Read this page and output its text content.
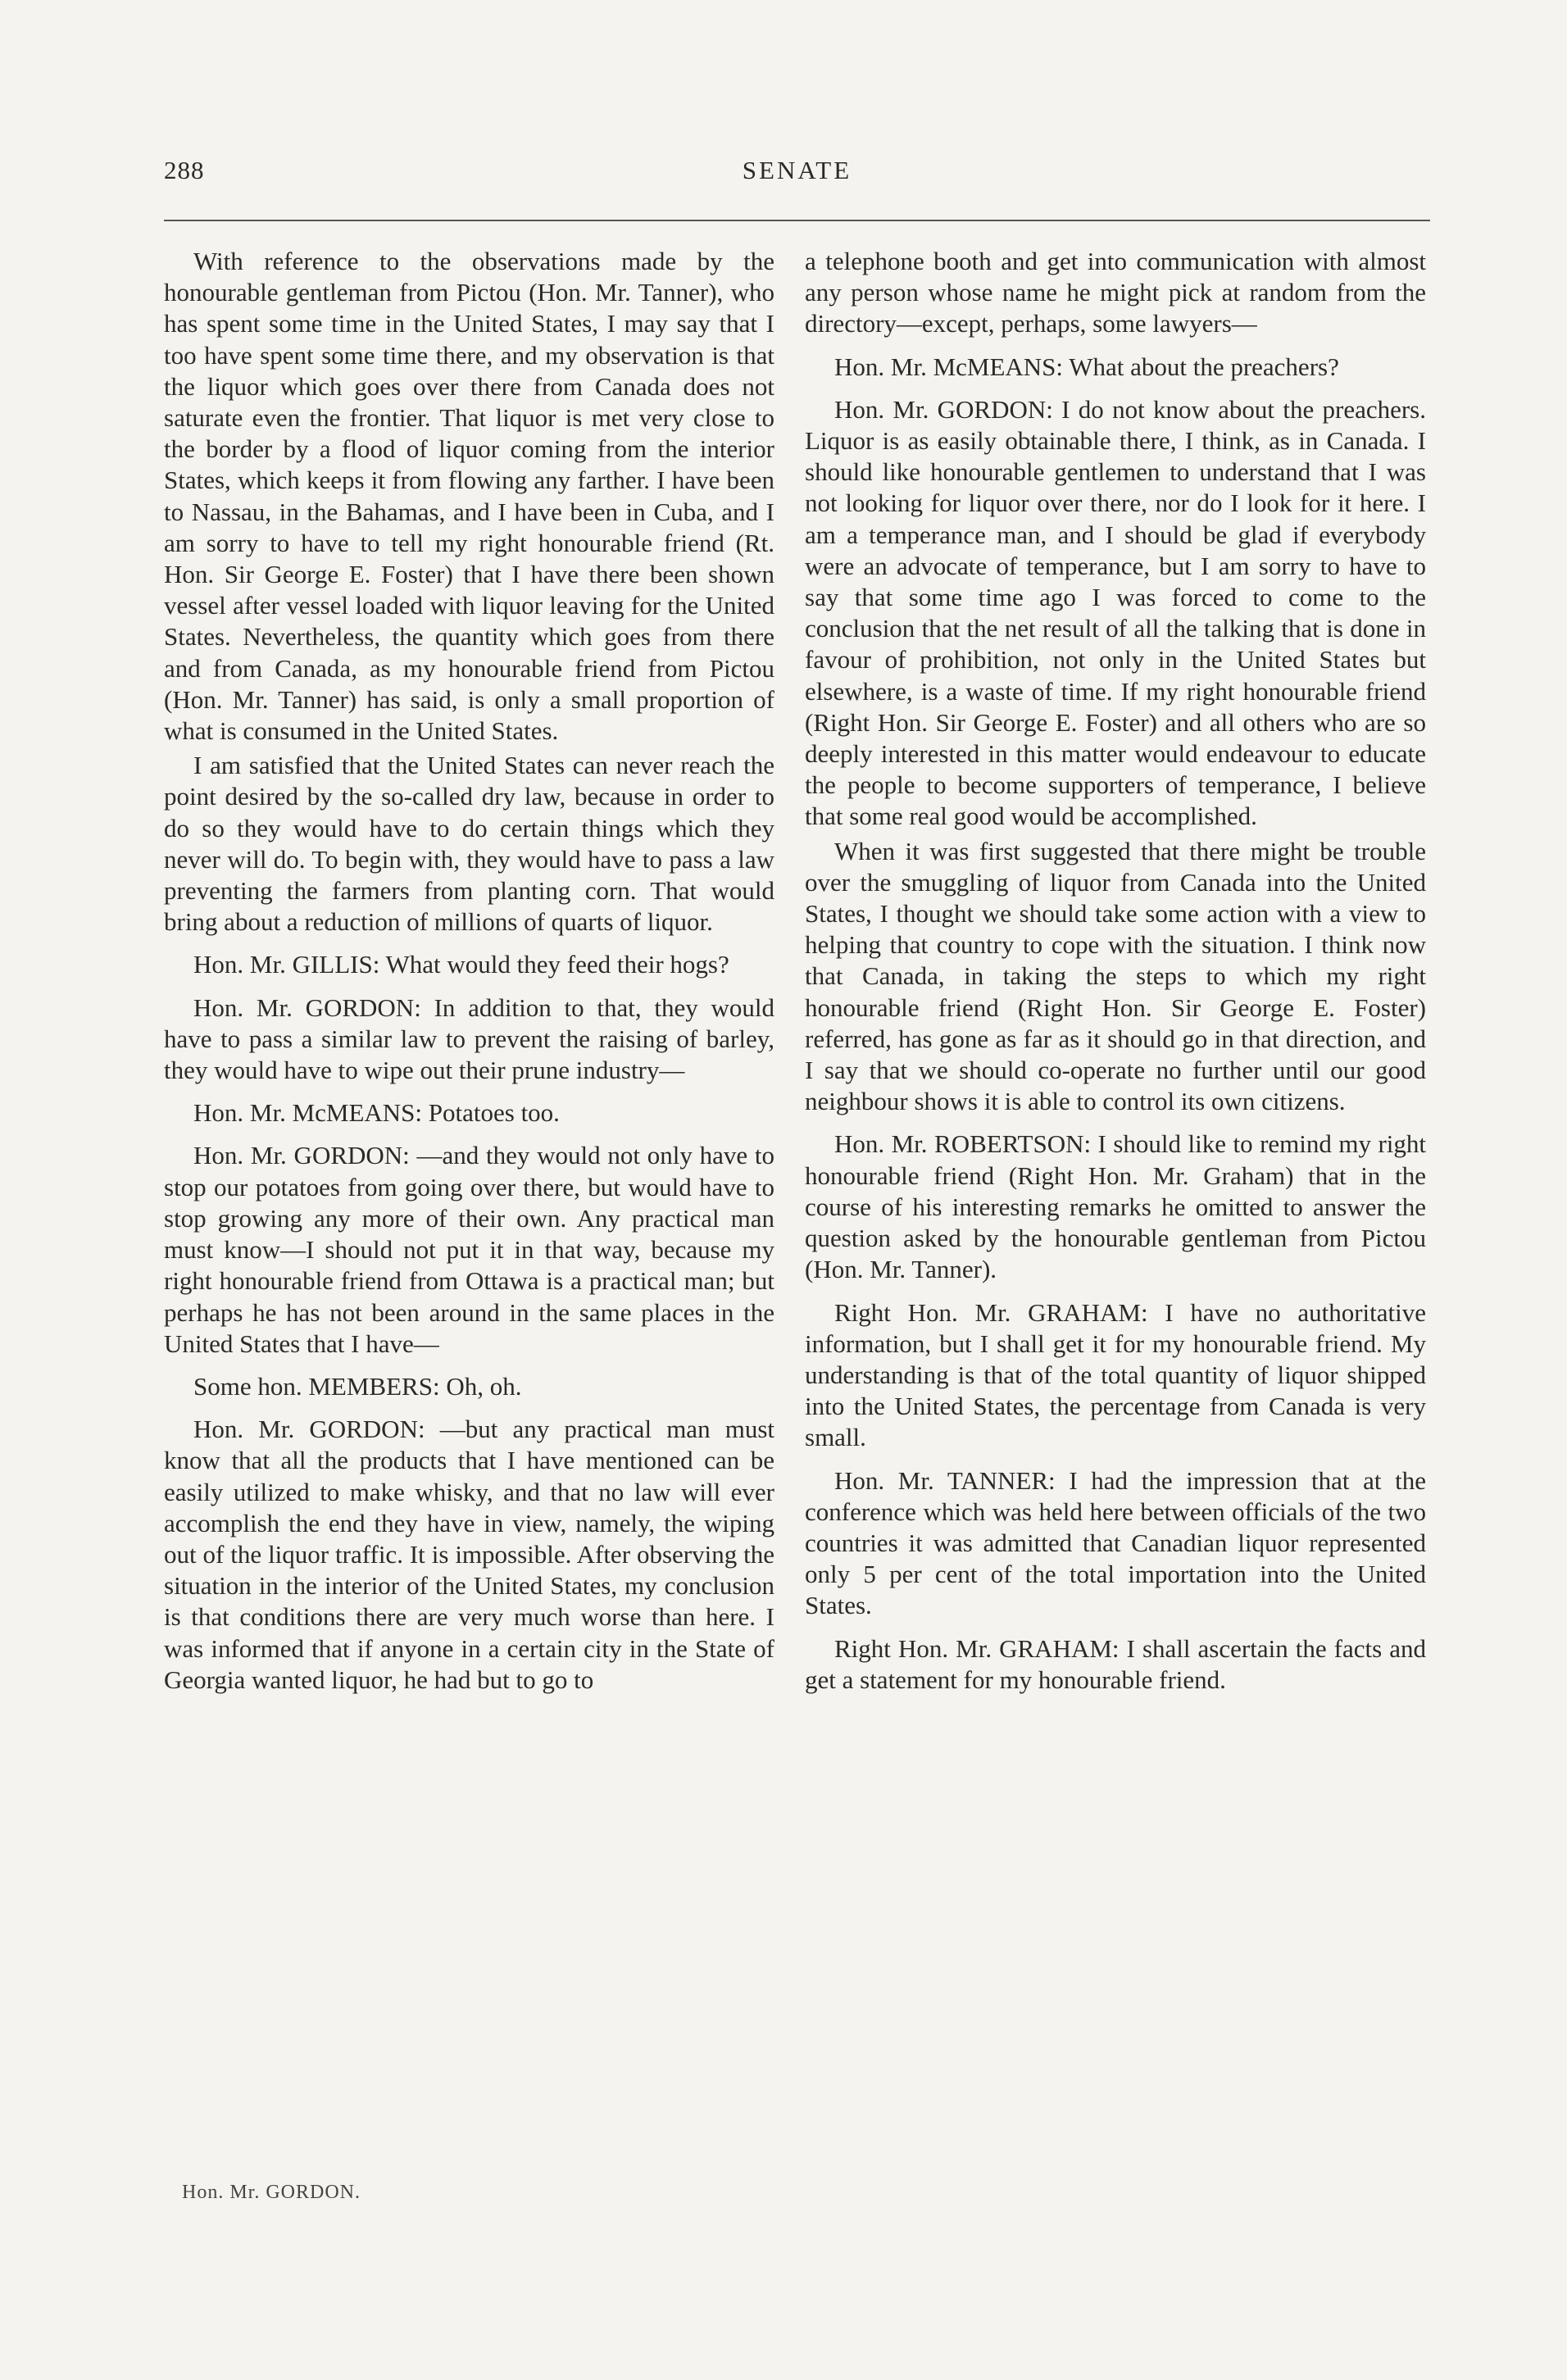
288	SENATE

With reference to the observations made by the honourable gentleman from Pictou (Hon. Mr. Tanner), who has spent some time in the United States, I may say that I too have spent some time there, and my observation is that the liquor which goes over there from Canada does not saturate even the frontier. That liquor is met very close to the border by a flood of liquor coming from the interior States, which keeps it from flowing any farther. I have been to Nassau, in the Bahamas, and I have been in Cuba, and I am sorry to have to tell my right honourable friend (Rt. Hon. Sir George E. Foster) that I have there been shown vessel after vessel loaded with liquor leaving for the United States. Nevertheless, the quantity which goes from there and from Canada, as my honourable friend from Pictou (Hon. Mr. Tanner) has said, is only a small proportion of what is consumed in the United States.

I am satisfied that the United States can never reach the point desired by the so-called dry law, because in order to do so they would have to do certain things which they never will do. To begin with, they would have to pass a law preventing the farmers from planting corn. That would bring about a reduction of millions of quarts of liquor.

Hon. Mr. GILLIS: What would they feed their hogs?

Hon. Mr. GORDON: In addition to that, they would have to pass a similar law to prevent the raising of barley, they would have to wipe out their prune industry—

Hon. Mr. McMEANS: Potatoes too.

Hon. Mr. GORDON: —and they would not only have to stop our potatoes from going over there, but would have to stop growing any more of their own. Any practical man must know—I should not put it in that way, because my right honourable friend from Ottawa is a practical man; but perhaps he has not been around in the same places in the United States that I have—

Some hon. MEMBERS: Oh, oh.

Hon. Mr. GORDON: —but any practical man must know that all the products that I have mentioned can be easily utilized to make whisky, and that no law will ever accomplish the end they have in view, namely, the wiping out of the liquor traffic. It is impossible. After observing the situation in the interior of the United States, my conclusion is that conditions there are very much worse than here. I was informed that if anyone in a certain city in the State of Georgia wanted liquor, he had but to go to

a telephone booth and get into communication with almost any person whose name he might pick at random from the directory—except, perhaps, some lawyers—

Hon. Mr. McMEANS: What about the preachers?

Hon. Mr. GORDON: I do not know about the preachers. Liquor is as easily obtainable there, I think, as in Canada. I should like honourable gentlemen to understand that I was not looking for liquor over there, nor do I look for it here. I am a temperance man, and I should be glad if everybody were an advocate of temperance, but I am sorry to have to say that some time ago I was forced to come to the conclusion that the net result of all the talking that is done in favour of prohibition, not only in the United States but elsewhere, is a waste of time. If my right honourable friend (Right Hon. Sir George E. Foster) and all others who are so deeply interested in this matter would endeavour to educate the people to become supporters of temperance, I believe that some real good would be accomplished.

When it was first suggested that there might be trouble over the smuggling of liquor from Canada into the United States, I thought we should take some action with a view to helping that country to cope with the situation. I think now that Canada, in taking the steps to which my right honourable friend (Right Hon. Sir George E. Foster) referred, has gone as far as it should go in that direction, and I say that we should co-operate no further until our good neighbour shows it is able to control its own citizens.

Hon. Mr. ROBERTSON: I should like to remind my right honourable friend (Right Hon. Mr. Graham) that in the course of his interesting remarks he omitted to answer the question asked by the honourable gentleman from Pictou (Hon. Mr. Tanner).

Right Hon. Mr. GRAHAM: I have no authoritative information, but I shall get it for my honourable friend. My understanding is that of the total quantity of liquor shipped into the United States, the percentage from Canada is very small.

Hon. Mr. TANNER: I had the impression that at the conference which was held here between officials of the two countries it was admitted that Canadian liquor represented only 5 per cent of the total importation into the United States.

Right Hon. Mr. GRAHAM: I shall ascertain the facts and get a statement for my honourable friend.

Hon. Mr. GORDON.
